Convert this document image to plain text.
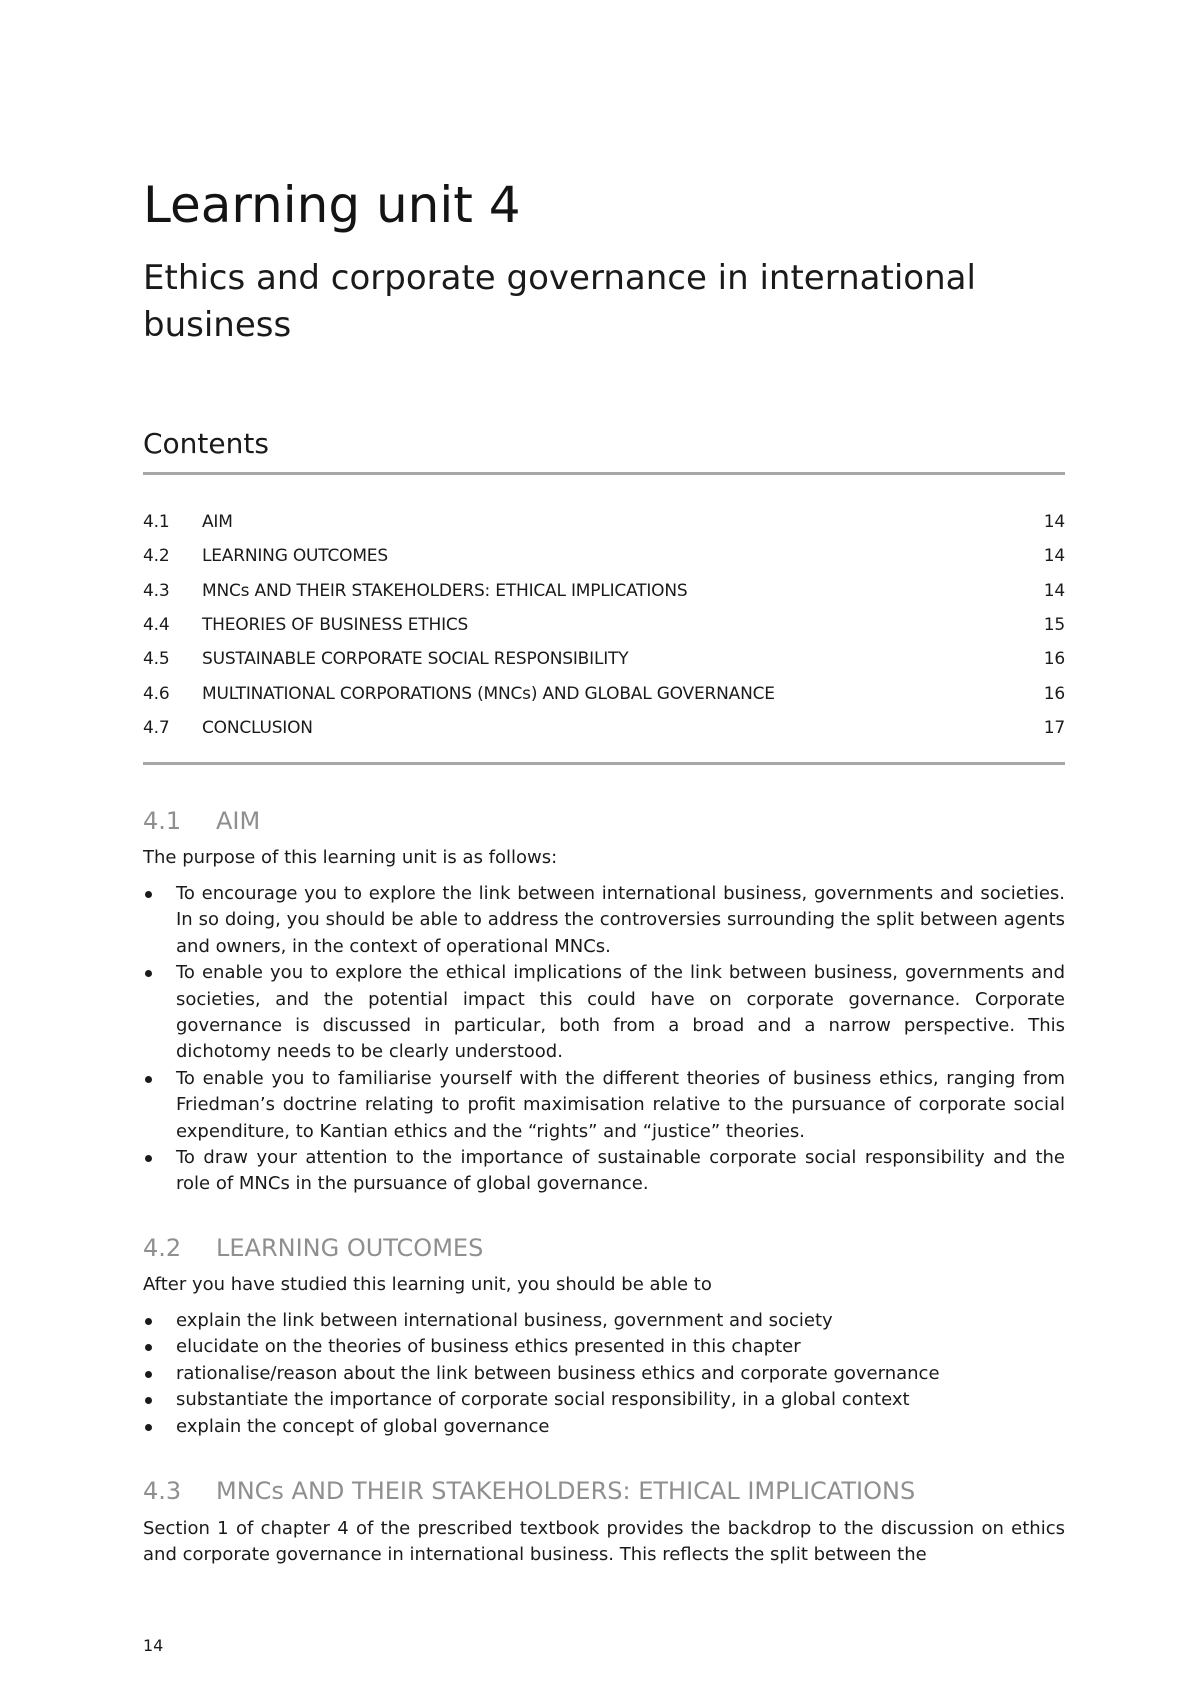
Learning unit 4
Ethics and corporate governance in international business
Contents
4.1	AIM	14
4.2	LEARNING OUTCOMES	14
4.3	MNCs AND THEIR STAKEHOLDERS: ETHICAL IMPLICATIONS	14
4.4	THEORIES OF BUSINESS ETHICS	15
4.5	SUSTAINABLE CORPORATE SOCIAL RESPONSIBILITY	16
4.6	MULTINATIONAL CORPORATIONS (MNCs) AND GLOBAL GOVERNANCE	16
4.7	CONCLUSION	17
4.1	AIM

The purpose of this learning unit is as follows:

To encourage you to explore the link between international business, governments and societies. In so doing, you should be able to address the controversies surrounding the split between agents and owners, in the context of operational MNCs.
To enable you to explore the ethical implications of the link between business, governments and societies, and the potential impact this could have on corporate governance. Corporate governance is discussed in particular, both from a broad and a narrow perspective. This dichotomy needs to be clearly understood.
To enable you to familiarise yourself with the different theories of business ethics, ranging from Friedman’s doctrine relating to profit maximisation relative to the pursuance of corporate social expenditure, to Kantian ethics and the “rights” and “justice” theories.
To draw your attention to the importance of sustainable corporate social responsibility and the role of MNCs in the pursuance of global governance.
4.2	LEARNING OUTCOMES

After you have studied this learning unit, you should be able to

explain the link between international business, government and society
elucidate on the theories of business ethics presented in this chapter
rationalise/reason about the link between business ethics and corporate governance
substantiate the importance of corporate social responsibility, in a global context
explain the concept of global governance
4.3	MNCs AND THEIR STAKEHOLDERS: ETHICAL IMPLICATIONS

Section 1 of chapter 4 of the prescribed textbook provides the backdrop to the discussion on ethics and corporate governance in international business. This reflects the split between the

14
